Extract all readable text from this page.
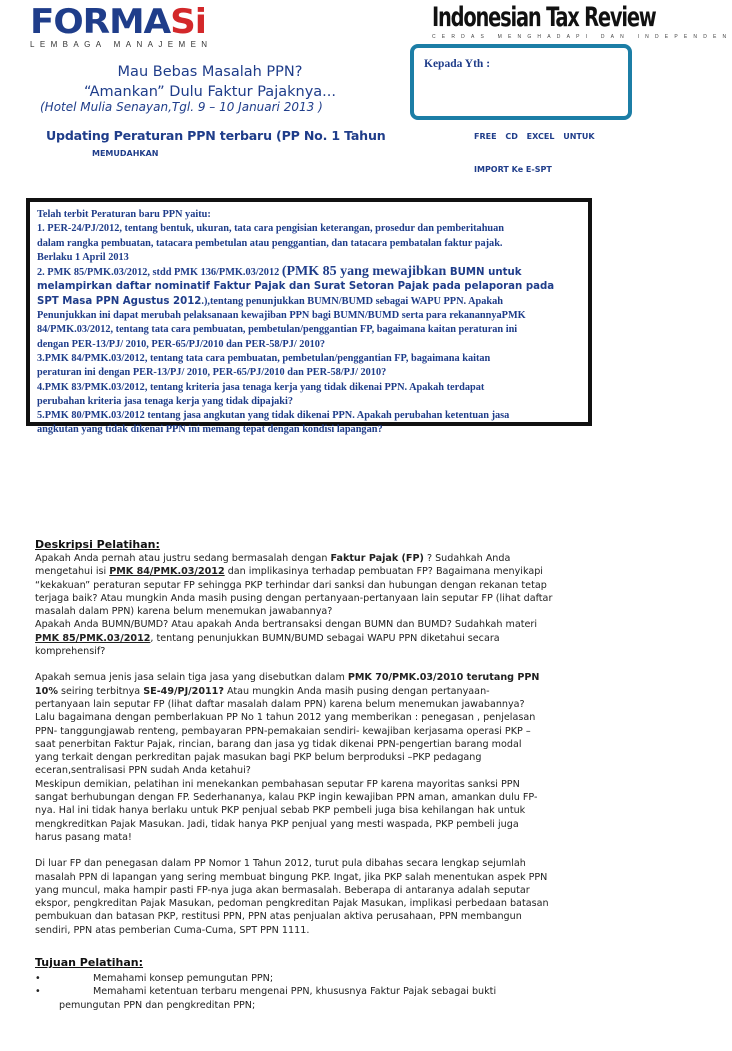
FORMASi
LEMBAGA MANAJEMEN
Indonesian Tax Review
CERDAS MENGHADAPI DAN INDEPENDEN
Mau Bebas Masalah PPN?
“Amankan” Dulu Faktur Pajaknya...
(Hotel Mulia Senayan,Tgl. 9 – 10 Januari 2013 )
Kepada Yth :
Updating Peraturan PPN terbaru (PP No. 1 Tahun
MEMUDAHKAN
FREE CD EXCEL UNTUK
IMPORT Ke E-SPT

Telah terbit Peraturan baru PPN yaitu:

1. PER-24/PJ/2012, tentang bentuk, ukuran, tata cara pengisian keterangan, prosedur dan pemberitahuan

dalam rangka pembuatan, tatacara pembetulan atau penggantian, dan tatacara pembatalan faktur pajak.

Berlaku 1 April 2013

2. PMK 85/PMK.03/2012, stdd PMK 136/PMK.03/2012 (PMK 85 yang mewajibkan BUMN untuk

melampirkan daftar nominatif Faktur Pajak dan Surat Setoran Pajak pada pelaporan pada

SPT Masa PPN Agustus 2012.),tentang penunjukkan BUMN/BUMD sebagai WAPU PPN. Apakah

Penunjukkan ini dapat merubah pelaksanaan kewajiban PPN bagi BUMN/BUMD serta para rekanannyaPMK

84/PMK.03/2012, tentang tata cara pembuatan, pembetulan/penggantian FP, bagaimana kaitan peraturan ini

dengan PER-13/PJ/ 2010, PER-65/PJ/2010 dan PER-58/PJ/ 2010?

3.PMK 84/PMK.03/2012, tentang tata cara pembuatan, pembetulan/penggantian FP, bagaimana kaitan

peraturan ini dengan PER-13/PJ/ 2010, PER-65/PJ/2010 dan PER-58/PJ/ 2010?

4.PMK 83/PMK.03/2012, tentang kriteria jasa tenaga kerja yang tidak dikenai PPN. Apakah terdapat

perubahan kriteria jasa tenaga kerja yang tidak dipajaki?

5.PMK 80/PMK.03/2012 tentang jasa angkutan yang tidak dikenai PPN. Apakah perubahan ketentuan jasa

angkutan yang tidak dikenai PPN ini memang tepat dengan kondisi lapangan?

Deskripsi Pelatihan:

Apakah Anda pernah atau justru sedang bermasalah dengan Faktur Pajak (FP) ? Sudahkah Anda

mengetahui isi PMK 84/PMK.03/2012 dan implikasinya terhadap pembuatan FP? Bagaimana menyikapi

“kekakuan” peraturan seputar FP sehingga PKP terhindar dari sanksi dan hubungan dengan rekanan tetap

terjaga baik? Atau mungkin Anda masih pusing dengan pertanyaan-pertanyaan lain seputar FP (lihat daftar

masalah dalam PPN) karena belum menemukan jawabannya?

Apakah Anda BUMN/BUMD? Atau apakah Anda bertransaksi dengan BUMN dan BUMD? Sudahkah materi

PMK 85/PMK.03/2012, tentang penunjukkan BUMN/BUMD sebagai WAPU PPN diketahui secara

komprehensif?

Apakah semua jenis jasa selain tiga jasa yang disebutkan dalam PMK 70/PMK.03/2010 terutang PPN

10% seiring terbitnya SE-49/PJ/2011? Atau mungkin Anda masih pusing dengan pertanyaan-

pertanyaan lain seputar FP (lihat daftar masalah dalam PPN) karena belum menemukan jawabannya?

Lalu bagaimana dengan pemberlakuan PP No 1 tahun 2012 yang memberikan : penegasan , penjelasan

PPN- tanggungjawab renteng, pembayaran PPN-pemakaian sendiri- kewajiban kerjasama operasi PKP –

saat penerbitan Faktur Pajak, rincian, barang dan jasa yg tidak dikenai PPN-pengertian barang modal

yang terkait dengan perkreditan pajak masukan bagi PKP belum berproduksi –PKP pedagang

eceran,sentralisasi PPN sudah Anda ketahui?

Meskipun demikian, pelatihan ini menekankan pembahasan seputar FP karena mayoritas sanksi PPN

sangat berhubungan dengan FP. Sederhananya, kalau PKP ingin kewajiban PPN aman, amankan dulu FP-

nya. Hal ini tidak hanya berlaku untuk PKP penjual sebab PKP pembeli juga bisa kehilangan hak untuk

mengkreditkan Pajak Masukan. Jadi, tidak hanya PKP penjual yang mesti waspada, PKP pembeli juga

harus pasang mata!

Di luar FP dan penegasan dalam PP Nomor 1 Tahun 2012, turut pula dibahas secara lengkap sejumlah

masalah PPN di lapangan yang sering membuat bingung PKP. Ingat, jika PKP salah menentukan aspek PPN

yang muncul, maka hampir pasti FP-nya juga akan bermasalah. Beberapa di antaranya adalah seputar

ekspor, pengkreditan Pajak Masukan, pedoman pengkreditan Pajak Masukan, implikasi perbedaan batasan

pembukuan dan batasan PKP, restitusi PPN, PPN atas penjualan aktiva perusahaan, PPN membangun

sendiri, PPN atas pemberian Cuma-Cuma, SPT PPN 1111.

Tujuan Pelatihan:
•	Memahami konsep pemungutan PPN;
•	Memahami ketentuan terbaru mengenai PPN, khususnya Faktur Pajak sebagai bukti
pemungutan PPN dan pengkreditan PPN;
